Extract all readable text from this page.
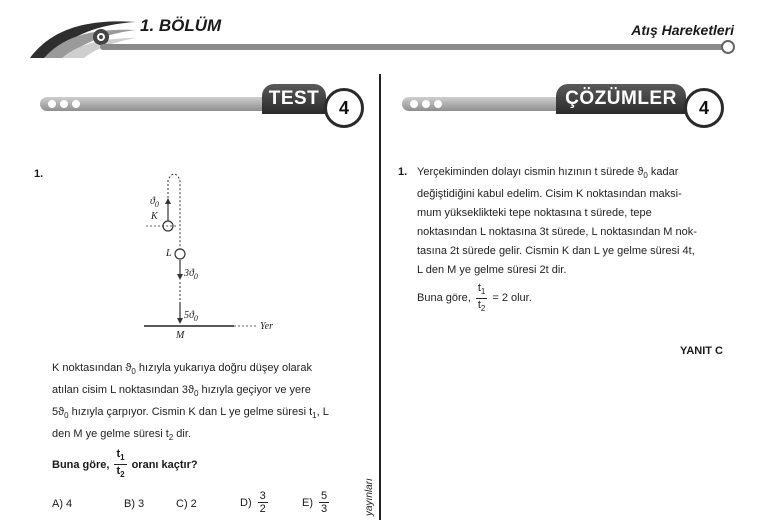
1. BÖLÜM	Atış Hareketleri
TEST	4	ÇÖZÜMLER	4
1.
$ϑ_0$
K
L
$3ϑ_0$
$5ϑ_0$
M
Yer
K noktasından $ϑ_0$ hızıyla yukarıya doğru düşey olarak
atılan cisim L noktasından $3ϑ_0$ hızıyla geçiyor ve yere
$5ϑ_0$ hızıyla çarpıyor. Cismin K dan L ye gelme süresi $t_1$, L
den M ye gelme süresi $t_2$ dir.
Buna göre, $\frac{t_1}{t_2}$ oranı kaçtır?
A) 4	B) 3	C) 2	$D) \frac{3}{2}$	$E) \frac{5}{3}$	yayınları
1. Yerçekiminden dolayı cismin hızının t sürede $ϑ_0$ kadar
değiştidiğini kabul edelim. Cisim K noktasından maksi-
mum yükseklikteki tepe noktasına t sürede, tepe
noktasından L noktasına 3t sürede, L noktasından M nok-
tasına 2t sürede gelir. Cismin K dan L ye gelme süresi 4t,
L den M ye gelme süresi 2t dir.
Buna göre, $\frac{t_1}{t_2} = 2$ olur.
YANIT C
